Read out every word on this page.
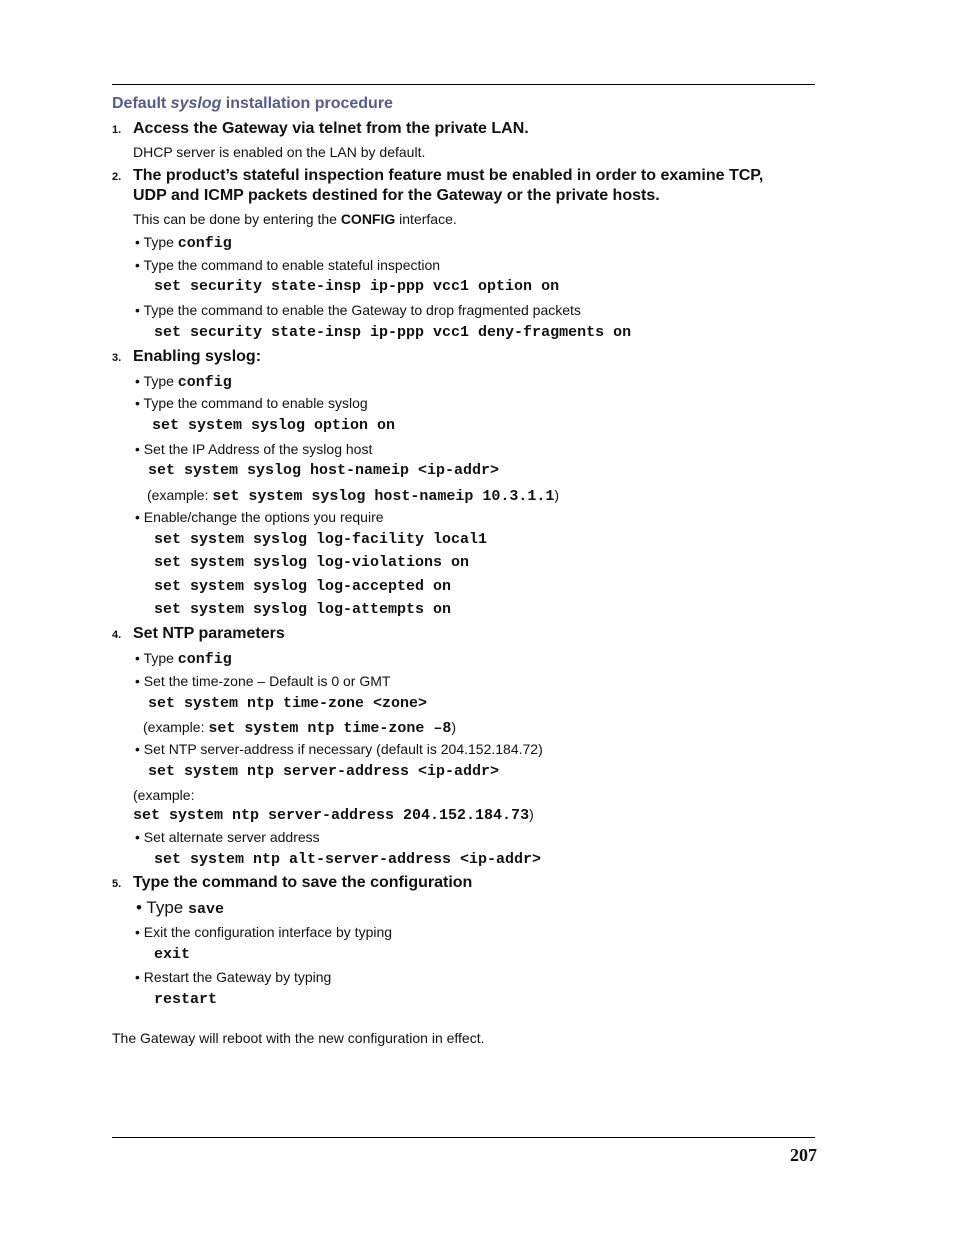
Default syslog installation procedure
1. Access the Gateway via telnet from the private LAN.
DHCP server is enabled on the LAN by default.
2. The product’s stateful inspection feature must be enabled in order to examine TCP,
UDP and ICMP packets destined for the Gateway or the private hosts.
This can be done by entering the CONFIG interface.
• Type config
• Type the command to enable stateful inspection
set security state-insp ip-ppp vcc1 option on
• Type the command to enable the Gateway to drop fragmented packets
set security state-insp ip-ppp vcc1 deny-fragments on
3. Enabling syslog:
• Type config
• Type the command to enable syslog
set system syslog option on
• Set the IP Address of the syslog host
set system syslog host-nameip <ip-addr>
(example: set system syslog host-nameip 10.3.1.1)
• Enable/change the options you require
set system syslog log-facility local1
set system syslog log-violations on
set system syslog log-accepted on
set system syslog log-attempts on
4. Set NTP parameters
• Type config
• Set the time-zone – Default is 0 or GMT
set system ntp time-zone <zone>
(example: set system ntp time-zone –8)
• Set NTP server-address if necessary (default is 204.152.184.72)
set system ntp server-address <ip-addr>
(example:
set system ntp server-address 204.152.184.73)
• Set alternate server address
set system ntp alt-server-address <ip-addr>
5. Type the command to save the configuration
• Type save
• Exit the configuration interface by typing
exit
• Restart the Gateway by typing
restart
The Gateway will reboot with the new configuration in effect.
207
